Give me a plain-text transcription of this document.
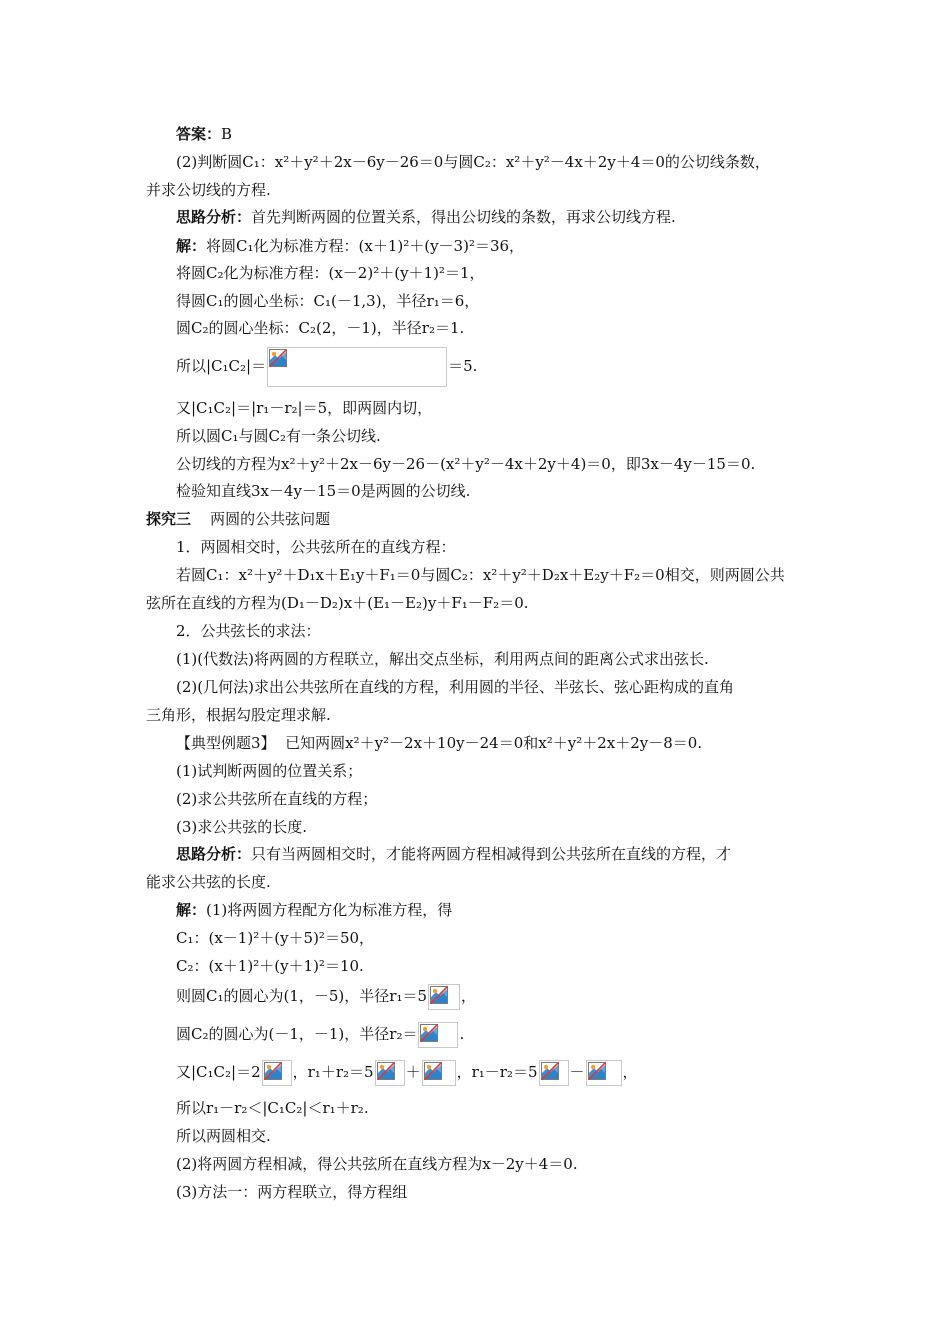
答案：B
(2)判断圆C₁：x²＋y²＋2x－6y－26＝0与圆C₂：x²＋y²－4x＋2y＋4＝0的公切线条数，
并求公切线的方程.
思路分析：首先判断两圆的位置关系，得出公切线的条数，再求公切线方程.
解：将圆C₁化为标准方程：(x＋1)²＋(y－3)²＝36，
将圆C₂化为标准方程：(x－2)²＋(y＋1)²＝1，
得圆C₁的圆心坐标：C₁(－1,3)，半径r₁＝6，
圆C₂的圆心坐标：C₂(2，－1)，半径r₂＝1.
所以|C₁C₂|＝	＝5.
又|C₁C₂|＝|r₁－r₂|＝5，即两圆内切，
所以圆C₁与圆C₂有一条公切线.
公切线的方程为x²＋y²＋2x－6y－26－(x²＋y²－4x＋2y＋4)＝0，即3x－4y－15＝0.
检验知直线3x－4y－15＝0是两圆的公切线.
探究三 两圆的公共弦问题
1．两圆相交时，公共弦所在的直线方程：
若圆C₁：x²＋y²＋D₁x＋E₁y＋F₁＝0与圆C₂：x²＋y²＋D₂x＋E₂y＋F₂＝0相交，则两圆公共
弦所在直线的方程为(D₁－D₂)x＋(E₁－E₂)y＋F₁－F₂＝0.
2．公共弦长的求法：
(1)(代数法)将两圆的方程联立，解出交点坐标，利用两点间的距离公式求出弦长.
(2)(几何法)求出公共弦所在直线的方程，利用圆的半径、半弦长、弦心距构成的直角
三角形，根据勾股定理求解.
【典型例题3】 已知两圆x²＋y²－2x＋10y－24＝0和x²＋y²＋2x＋2y－8＝0.
(1)试判断两圆的位置关系；
(2)求公共弦所在直线的方程；
(3)求公共弦的长度.
思路分析：只有当两圆相交时，才能将两圆方程相减得到公共弦所在直线的方程，才
能求公共弦的长度.
解：(1)将两圆方程配方化为标准方程，得
C₁：(x－1)²＋(y＋5)²＝50，
C₂：(x＋1)²＋(y＋1)²＝10.
则圆C₁的圆心为(1，－5)，半径r₁＝5 ，
圆C₂的圆心为(－1，－1)，半径r₂＝	.
又|C₁C₂|＝2 ，r₁＋r₂＝5 ＋ ，r₁－r₂＝5 －	，
所以r₁－r₂＜|C₁C₂|＜r₁＋r₂.
所以两圆相交.
(2)将两圆方程相减，得公共弦所在直线方程为x－2y＋4＝0.
(3)方法一：两方程联立，得方程组
